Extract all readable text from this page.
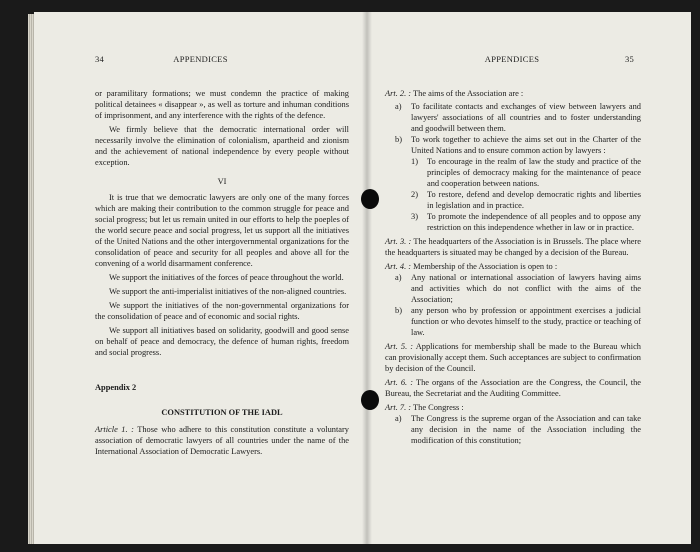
34	APPENDICES

or paramilitary formations; we must condemn the practice of making political detainees « disappear », as well as torture and inhuman conditions of imprisonment, and any interference with the rights of the defence.

We firmly believe that the democratic international order will necessarily involve the elimination of colonialism, apartheid and zionism and the achievement of national independence by every people without exception.

VI

It is true that we democratic lawyers are only one of the many forces which are making their contribution to the common struggle for peace and social progress; but let us remain united in our efforts to help the poeples of the world secure peace and social progress, let us support all the initiatives of the United Nations and the other intergovernmental organizations for the consolidation of peace and security for all peoples and above all for the convening of a world disarmament conference.

We support the initiatives of the forces of peace throughout the world.

We support the anti-imperialist initiatives of the non-aligned countries.

We support the initiatives of the non-governmental organizations for the consolidation of peace and of economic and social rights.

We support all initiatives based on solidarity, goodwill and good sense on behalf of peace and democracy, the defence of human rights, freedom and social progress.

Appendix 2

CONSTITUTION OF THE IADL

Article 1. : Those who adhere to this constitution constitute a voluntary association of democratic lawyers of all countries under the name of the International Association of Democratic Lawyers.

APPENDICES	35

Art. 2. : The aims of the Association are :

a)	To facilitate contacts and exchanges of view between lawyers and lawyers' associations of all countries and to foster understanding and goodwill between them.
b)	To work together to achieve the aims set out in the Charter of the United Nations and to ensure common action by lawyers :
1)	To encourage in the realm of law the study and practice of the principles of democracy making for the maintenance of peace and cooperation between nations.
2)	To restore, defend and develop democratic rights and liberties in legislation and in practice.
3)	To promote the independence of all peoples and to oppose any restriction on this independence whether in law or in practice.

Art. 3. : The headquarters of the Association is in Brussels. The place where the headquarters is situated may be changed by a decision of the Bureau.

Art. 4. : Membership of the Association is open to :

a)	Any national or international association of lawyers having aims and activities which do not conflict with the aims of the Association;
b)	any person who by profession or appointment exercises a judicial function or who devotes himself to the study, practice or teaching of law.

Art. 5. : Applications for membership shall be made to the Bureau which can provisionally accept them. Such acceptances are subject to confirmation by decision of the Council.

Art. 6. : The organs of the Association are the Congress, the Council, the Bureau, the Secretariat and the Auditing Committee.

Art. 7. : The Congress :

a)	The Congress is the supreme organ of the Association and can take any decision in the name of the Association including the modification of this constitution;
